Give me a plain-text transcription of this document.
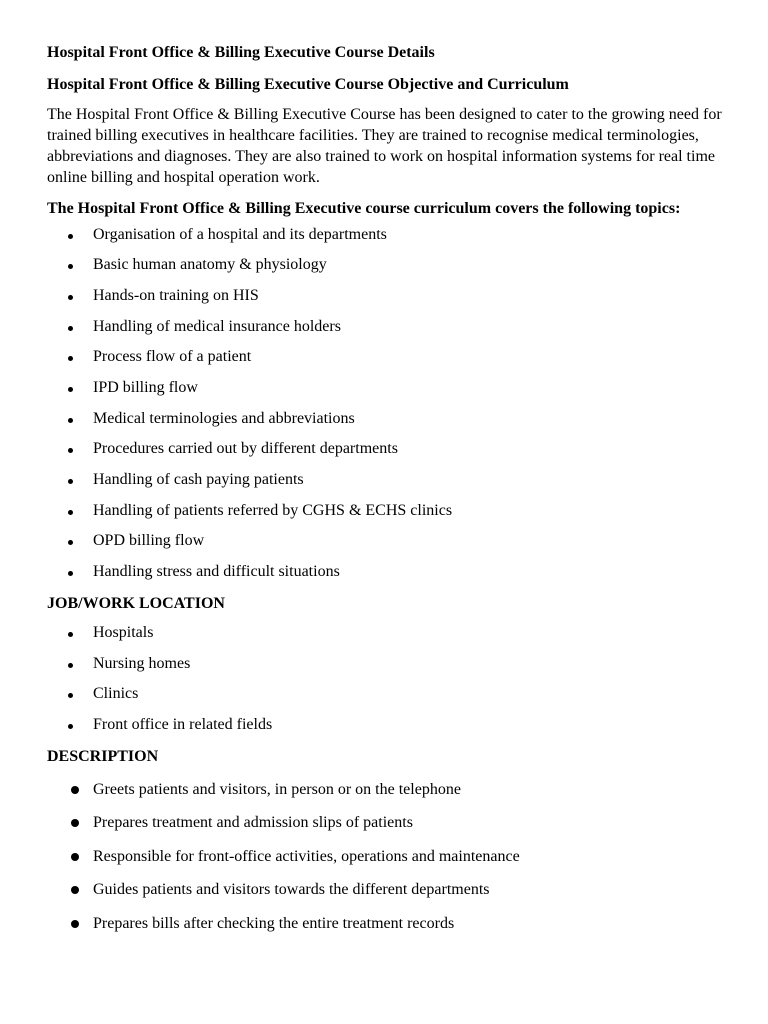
Hospital Front Office & Billing Executive Course Details

Hospital Front Office & Billing Executive Course Objective and Curriculum

The Hospital Front Office & Billing Executive Course has been designed to cater to the growing need for trained billing executives in healthcare facilities. They are trained to recognise medical terminologies, abbreviations and diagnoses. They are also trained to work on hospital information systems for real time online billing and hospital operation work.

The Hospital Front Office & Billing Executive course curriculum covers the following topics:

Organisation of a hospital and its departments
Basic human anatomy & physiology
Hands-on training on HIS
Handling of medical insurance holders
Process flow of a patient
IPD billing flow
Medical terminologies and abbreviations
Procedures carried out by different departments
Handling of cash paying patients
Handling of patients referred by CGHS & ECHS clinics
OPD billing flow
Handling stress and difficult situations

JOB/WORK LOCATION

Hospitals
Nursing homes
Clinics
Front office in related fields

DESCRIPTION

Greets patients and visitors, in person or on the telephone
Prepares treatment and admission slips of patients
Responsible for front-office activities, operations and maintenance
Guides patients and visitors towards the different departments
Prepares bills after checking the entire treatment records
